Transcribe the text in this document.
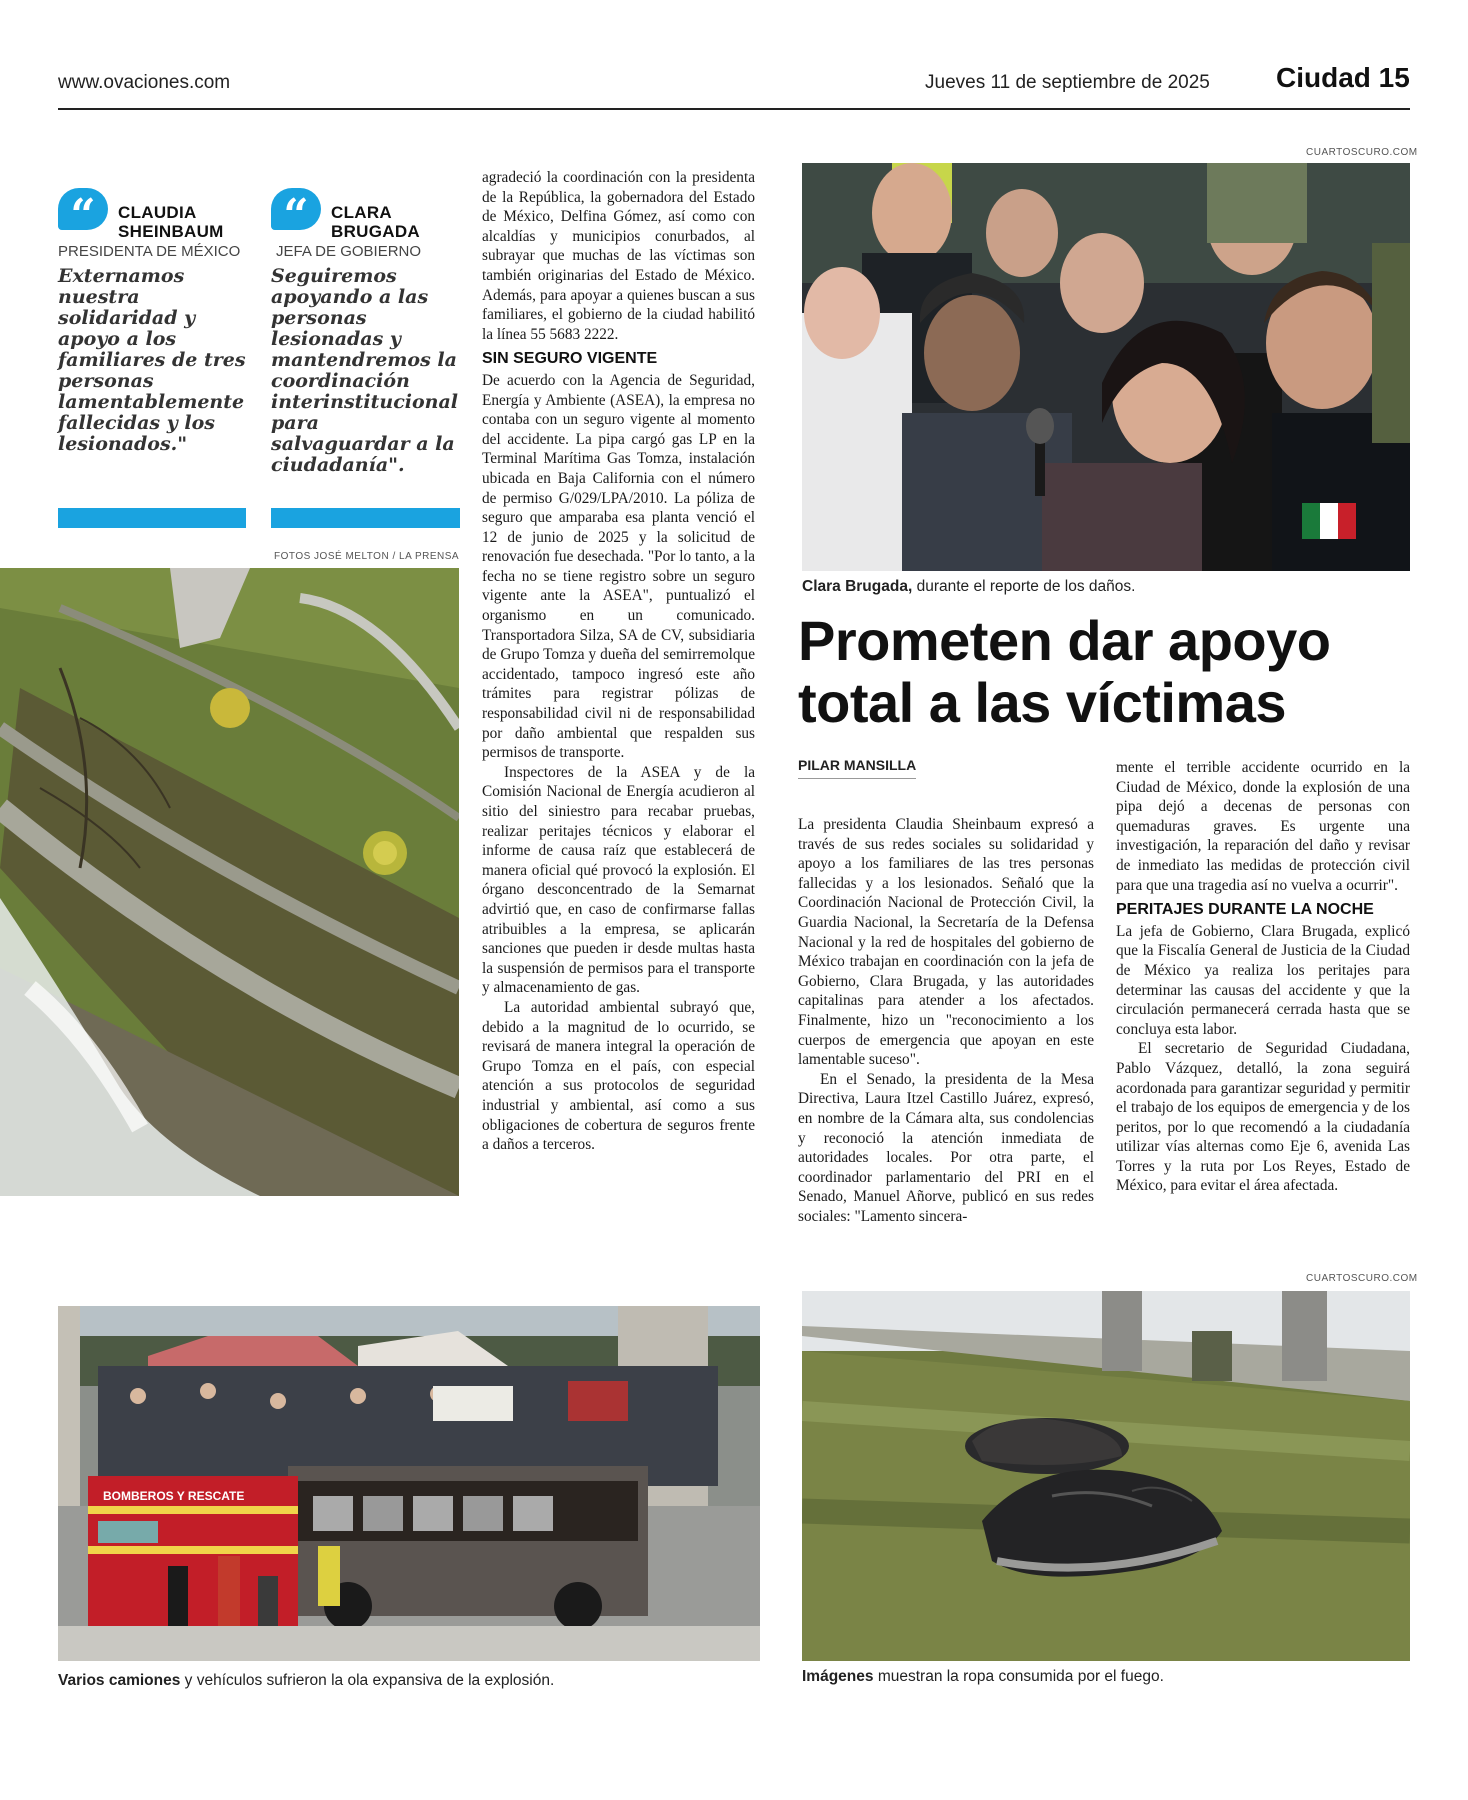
www.ovaciones.com	Jueves 11 de septiembre de 2025 Ciudad 15
“	CLAUDIA
SHEINBAUM
PRESIDENTA DE MÉXICO
Externamos nuestra solidaridad y apoyo a los familiares de tres personas lamentablemente fallecidas y los lesionados."
“	CLARA
BRUGADA
JEFA DE GOBIERNO
Seguiremos apoyando a las personas lesionadas y mantendremos la coordinación interinstitucional para salvaguardar a la ciudadanía".
FOTOS JOSÉ MELTON / LA PRENSA

agradeció la coordinación con la presidenta de la República, la gobernadora del Estado de México, Delfina Gómez, así como con alcaldías y municipios conurbados, al subrayar que muchas de las víctimas son también originarias del Estado de México. Además, para apoyar a quienes buscan a sus familiares, el gobierno de la ciudad habilitó la línea 55 5683 2222.

SIN SEGURO VIGENTE

De acuerdo con la Agencia de Seguridad, Energía y Ambiente (ASEA), la empresa no contaba con un seguro vigente al momento del accidente. La pipa cargó gas LP en la Terminal Marítima Gas Tomza, instalación ubicada en Baja California con el número de permiso G/029/LPA/2010. La póliza de seguro que amparaba esa planta venció el 12 de junio de 2025 y la solicitud de renovación fue desechada. "Por lo tanto, a la fecha no se tiene registro sobre un seguro vigente ante la ASEA", puntualizó el organismo en un comunicado. Transportadora Silza, SA de CV, subsidiaria de Grupo Tomza y dueña del semirremolque accidentado, tampoco ingresó este año trámites para registrar pólizas de responsabilidad civil ni de responsabilidad por daño ambiental que respalden sus permisos de transporte.

Inspectores de la ASEA y de la Comisión Nacional de Energía acudieron al sitio del siniestro para recabar pruebas, realizar peritajes técnicos y elaborar el informe de causa raíz que establecerá de manera oficial qué provocó la explosión. El órgano desconcentrado de la Semarnat advirtió que, en caso de confirmarse fallas atribuibles a la empresa, se aplicarán sanciones que pueden ir desde multas hasta la suspensión de permisos para el transporte y almacenamiento de gas.

La autoridad ambiental subrayó que, debido a la magnitud de lo ocurrido, se revisará de manera integral la operación de Grupo Tomza en el país, con especial atención a sus protocolos de seguridad industrial y ambiental, así como a sus obligaciones de cobertura de seguros frente a daños a terceros.

CUARTOSCURO.COM
Clara Brugada, durante el reporte de los daños.
Prometen dar apoyo total a las víctimas
PILAR MANSILLA

La presidenta Claudia Sheinbaum expresó a través de sus redes sociales su solidaridad y apoyo a los familiares de las tres personas fallecidas y a los lesionados. Señaló que la Coordinación Nacional de Protección Civil, la Guardia Nacional, la Secretaría de la Defensa Nacional y la red de hospitales del gobierno de México trabajan en coordinación con la jefa de Gobierno, Clara Brugada, y las autoridades capitalinas para atender a los afectados. Finalmente, hizo un "reconocimiento a los cuerpos de emergencia que apoyan en este lamentable suceso".

En el Senado, la presidenta de la Mesa Directiva, Laura Itzel Castillo Juárez, expresó, en nombre de la Cámara alta, sus condolencias y reconoció la atención inmediata de autoridades locales. Por otra parte, el coordinador parlamentario del PRI en el Senado, Manuel Añorve, publicó en sus redes sociales: "Lamento sincera-

mente el terrible accidente ocurrido en la Ciudad de México, donde la explosión de una pipa dejó a decenas de personas con quemaduras graves. Es urgente una investigación, la reparación del daño y revisar de inmediato las medidas de protección civil para que una tragedia así no vuelva a ocurrir".

PERITAJES DURANTE LA NOCHE

La jefa de Gobierno, Clara Brugada, explicó que la Fiscalía General de Justicia de la Ciudad de México ya realiza los peritajes para determinar las causas del accidente y que la circulación permanecerá cerrada hasta que se concluya esta labor.

El secretario de Seguridad Ciudadana, Pablo Vázquez, detalló, la zona seguirá acordonada para garantizar seguridad y permitir el trabajo de los equipos de emergencia y de los peritos, por lo que recomendó a la ciudadanía utilizar vías alternas como Eje 6, avenida Las Torres y la ruta por Los Reyes, Estado de México, para evitar el área afectada.

BOMBEROS Y RESCATE
Varios camiones y vehículos sufrieron la ola expansiva de la explosión.
CUARTOSCURO.COM
Imágenes muestran la ropa consumida por el fuego.
